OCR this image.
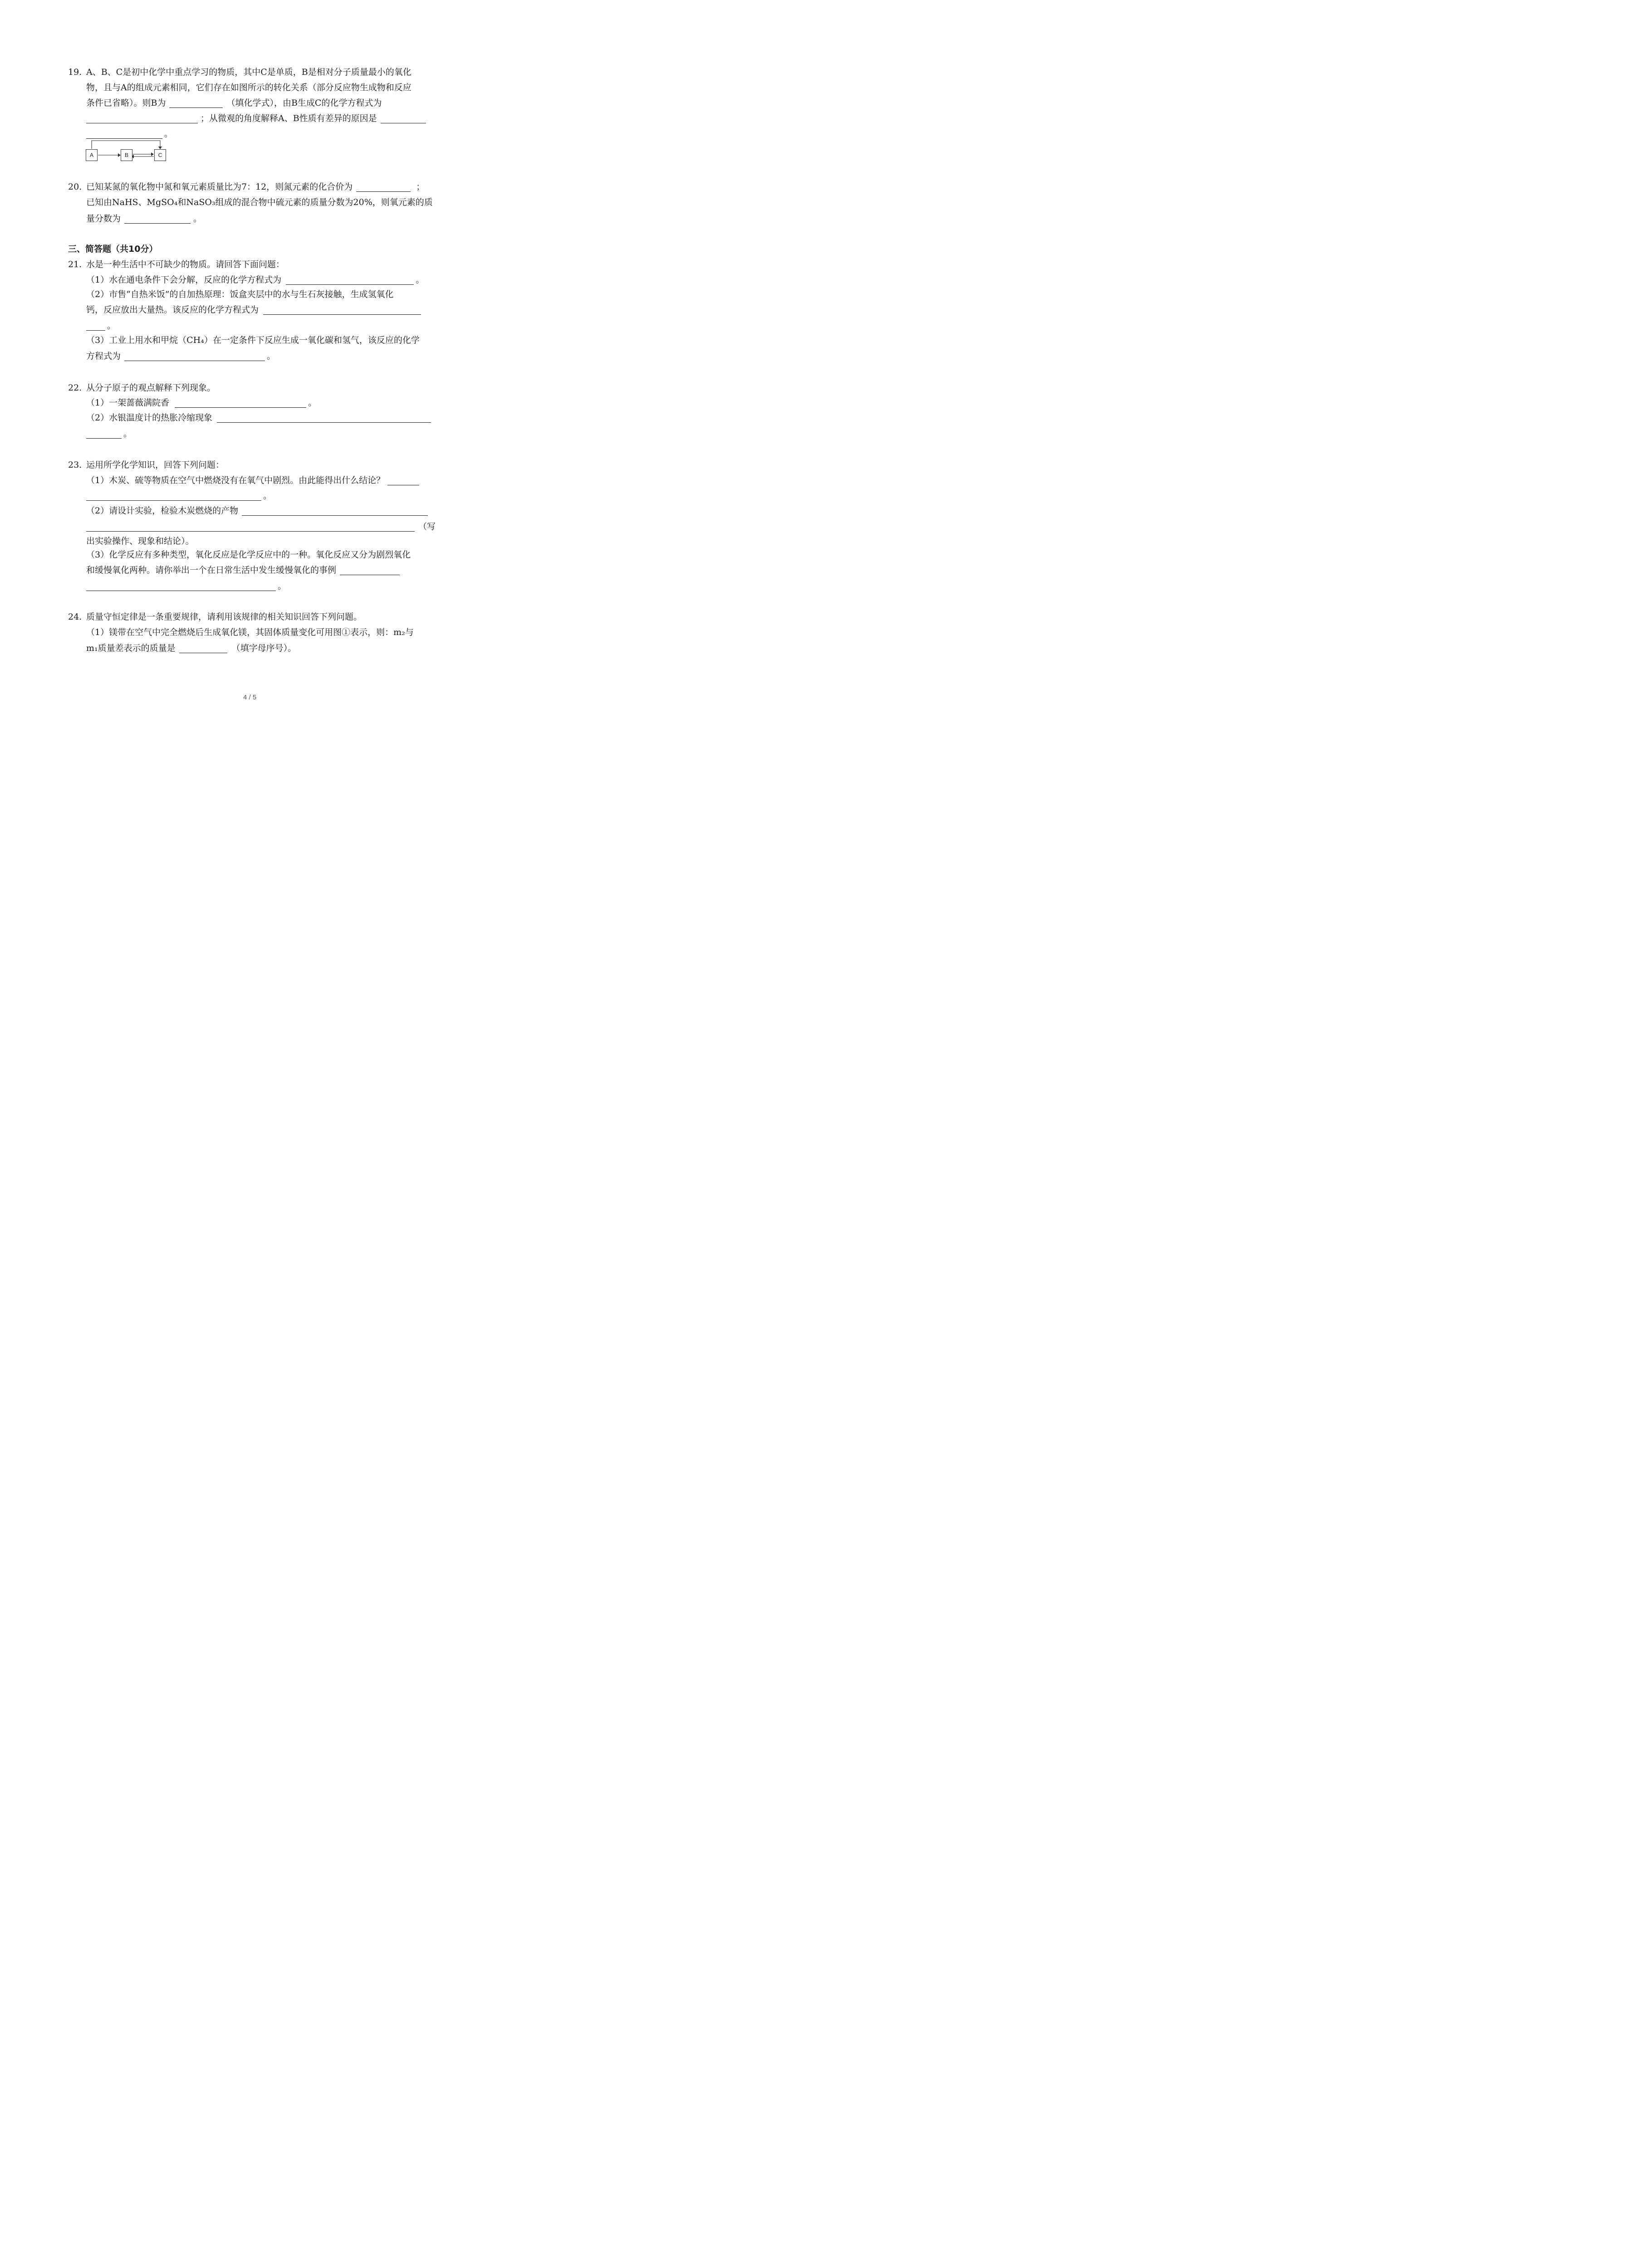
19. A、B、C是初中化学中重点学习的物质，其中C是单质，B是相对分子质量最小的氧化
物，且与A的组成元素相同，它们存在如图所示的转化关系（部分反应物生成物和反应
条件已省略）。则B为	（填化学式），由B生成C的化学方程式为
；从微观的角度解释A、B性质有差异的原因是
。
A	B	C
20. 已知某氮的氧化物中氮和氧元素质量比为7：12，则氮元素的化合价为	；
已知由NaHS、MgSO₄和NaSO₃组成的混合物中硫元素的质量分数为20%，则氧元素的质
量分数为	。
三、简答题（共10分）
21. 水是一种生活中不可缺少的物质。请回答下面问题：
（1）水在通电条件下会分解，反应的化学方程式为	。
（2）市售“自热米饭”的自加热原理：饭盒夹层中的水与生石灰接触，生成氢氧化
钙，反应放出大量热。该反应的化学方程式为
。
（3）工业上用水和甲烷（CH₄）在一定条件下反应生成一氧化碳和氢气，该反应的化学
方程式为	。
22. 从分子原子的观点解释下列现象。
（1）一架蔷薇满院香	。
（2）水银温度计的热胀冷缩现象
。
23. 运用所学化学知识，回答下列问题：
（1）木炭、硫等物质在空气中燃烧没有在氧气中剧烈。由此能得出什么结论？
。
（2）请设计实验，检验木炭燃烧的产物
（写
出实验操作、现象和结论）。
（3）化学反应有多种类型，氧化反应是化学反应中的一种。氧化反应又分为剧烈氧化
和缓慢氧化两种。请你举出一个在日常生活中发生缓慢氧化的事例
。
24. 质量守恒定律是一条重要规律，请利用该规律的相关知识回答下列问题。
（1）镁带在空气中完全燃烧后生成氧化镁，其固体质量变化可用图①表示，则：m₂与
m₁质量差表示的质量是	（填字母序号）。
4 / 5
